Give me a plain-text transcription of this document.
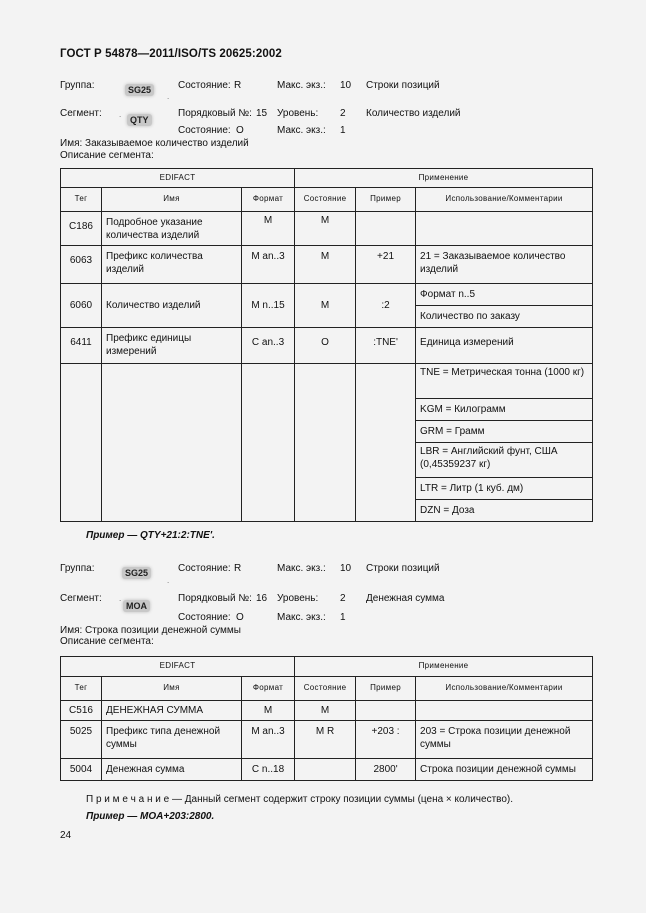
ГОСТ Р 54878—2011/ISO/TS 20625:2002
Группа:	SG25
.
Состояние: R	Макс. экз.: 10 Строки позиций
Сегмент: .
QTY
Порядковый №: 15 Уровень: 2 Количество изделий
Состояние: O	Макс. экз.: 1
Имя: Заказываемое количество изделий
Описание сегмента:
EDIFACT			Применение		
Тег	Имя	Формат	Состояние	Пример	Использование/Комментарии
C186	Подробное указание количества изделий	M	M		
6063	Префикс количества изделий	M an..3	M	+21	21 = Заказываемое количество изделий
6060	Количество изделий	M n..15	M	:2	Формат n..5
					Количество по заказу
6411	Префикс единицы измерений	C an..3	O	:TNE'	Единица измерений
					TNE = Метрическая тонна (1000 кг)
					KGM = Килограмм
					GRM = Грамм
					LBR = Английский фунт, США (0,45359237 кг)
					LTR = Литр (1 куб. дм)
					DZN = Доза
Пример — QTY+21:2:TNE'.
Группа:	SG25
.
Состояние: R	Макс. экз.: 10 Строки позиций
Сегмент: .
MOA
Порядковый №: 16 Уровень: 2 Денежная сумма
Состояние: O	Макс. экз.: 1
Имя: Строка позиции денежной суммы
Описание сегмента:
EDIFACT			Применение		
Тег	Имя	Формат	Состояние	Пример	Использование/Комментарии
C516	ДЕНЕЖНАЯ СУММА	M	M		
5025	Префикс типа денежной суммы	M an..3	M R	+203 :	203 = Строка позиции денежной суммы
5004	Денежная сумма	C n..18		2800'	Строка позиции денежной суммы
П р и м е ч а н и е — Данный сегмент содержит строку позиции суммы (цена × количество).
Пример — MOA+203:2800.
24
